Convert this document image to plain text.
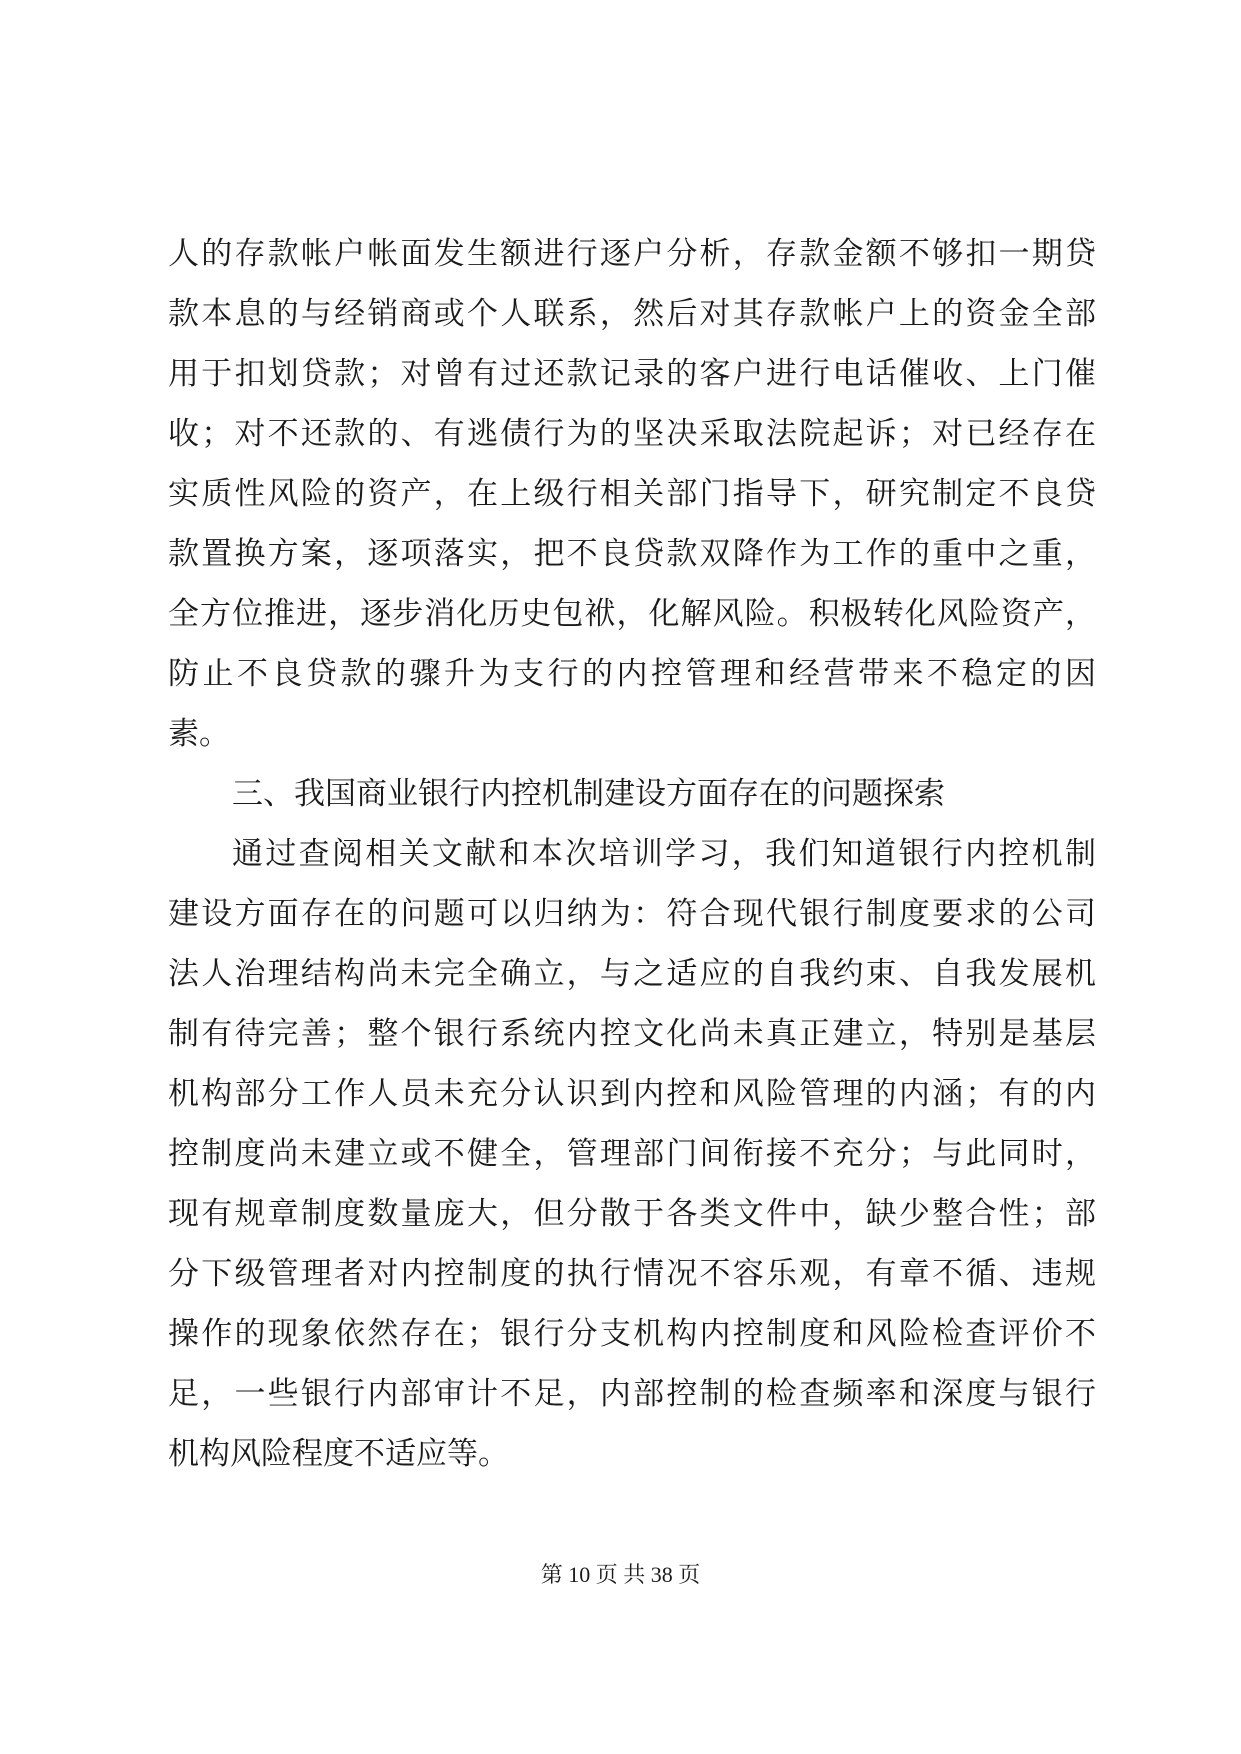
人的存款帐户帐面发生额进行逐户分析，存款金额不够扣一期贷
款本息的与经销商或个人联系，然后对其存款帐户上的资金全部
用于扣划贷款；对曾有过还款记录的客户进行电话催收、上门催
收；对不还款的、有逃债行为的坚决采取法院起诉；对已经存在
实质性风险的资产，在上级行相关部门指导下，研究制定不良贷
款置换方案，逐项落实，把不良贷款双降作为工作的重中之重，
全方位推进，逐步消化历史包袱，化解风险。积极转化风险资产，
防止不良贷款的骤升为支行的内控管理和经营带来不稳定的因
素。
三、我国商业银行内控机制建设方面存在的问题探索
通过查阅相关文献和本次培训学习，我们知道银行内控机制
建设方面存在的问题可以归纳为：符合现代银行制度要求的公司
法人治理结构尚未完全确立，与之适应的自我约束、自我发展机
制有待完善；整个银行系统内控文化尚未真正建立，特别是基层
机构部分工作人员未充分认识到内控和风险管理的内涵；有的内
控制度尚未建立或不健全，管理部门间衔接不充分；与此同时，
现有规章制度数量庞大，但分散于各类文件中，缺少整合性；部
分下级管理者对内控制度的执行情况不容乐观，有章不循、违规
操作的现象依然存在；银行分支机构内控制度和风险检查评价不
足，一些银行内部审计不足，内部控制的检查频率和深度与银行
机构风险程度不适应等。
第 10 页 共 38 页
